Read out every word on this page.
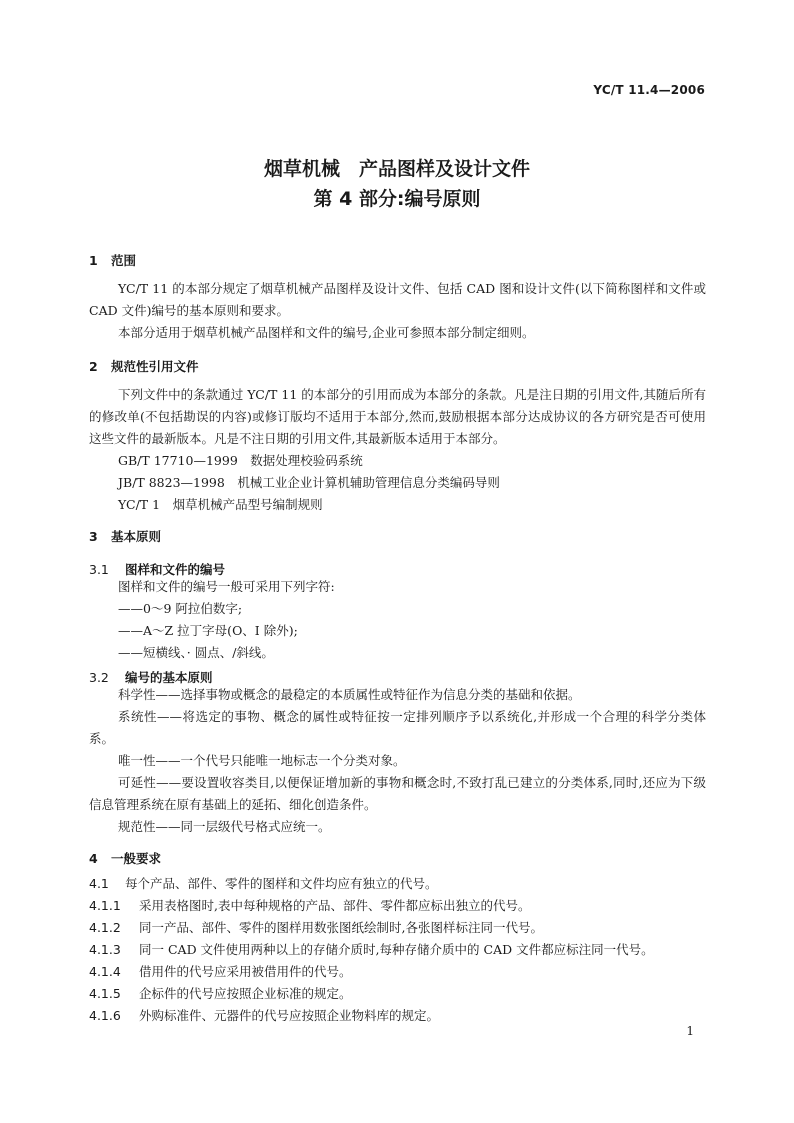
YC/T 11.4—2006
烟草机械　产品图样及设计文件
第 4 部分:编号原则
1 范围
YC/T 11 的本部分规定了烟草机械产品图样及设计文件、包括 CAD 图和设计文件(以下简称图样和文件或 CAD 文件)编号的基本原则和要求。
本部分适用于烟草机械产品图样和文件的编号,企业可参照本部分制定细则。
2 规范性引用文件
下列文件中的条款通过 YC/T 11 的本部分的引用而成为本部分的条款。凡是注日期的引用文件,其随后所有的修改单(不包括勘误的内容)或修订版均不适用于本部分,然而,鼓励根据本部分达成协议的各方研究是否可使用这些文件的最新版本。凡是不注日期的引用文件,其最新版本适用于本部分。
GB/T 17710—1999　数据处理校验码系统
JB/T 8823—1998　机械工业企业计算机辅助管理信息分类编码导则
YC/T 1　烟草机械产品型号编制规则
3 基本原则
3.1 图样和文件的编号
图样和文件的编号一般可采用下列字符:
——0～9 阿拉伯数字;
——A～Z 拉丁字母(O、I 除外);
——短横线、· 圆点、/斜线。
3.2 编号的基本原则
科学性——选择事物或概念的最稳定的本质属性或特征作为信息分类的基础和依据。
系统性——将选定的事物、概念的属性或特征按一定排列顺序予以系统化,并形成一个合理的科学分类体系。
唯一性——一个代号只能唯一地标志一个分类对象。
可延性——要设置收容类目,以便保证增加新的事物和概念时,不致打乱已建立的分类体系,同时,还应为下级信息管理系统在原有基础上的延拓、细化创造条件。
规范性——同一层级代号格式应统一。
4 一般要求
4.1 每个产品、部件、零件的图样和文件均应有独立的代号。
4.1.1 采用表格图时,表中每种规格的产品、部件、零件都应标出独立的代号。
4.1.2 同一产品、部件、零件的图样用数张图纸绘制时,各张图样标注同一代号。
4.1.3 同一 CAD 文件使用两种以上的存储介质时,每种存储介质中的 CAD 文件都应标注同一代号。
4.1.4 借用件的代号应采用被借用件的代号。
4.1.5 企标件的代号应按照企业标准的规定。
4.1.6 外购标准件、元器件的代号应按照企业物料库的规定。
1
